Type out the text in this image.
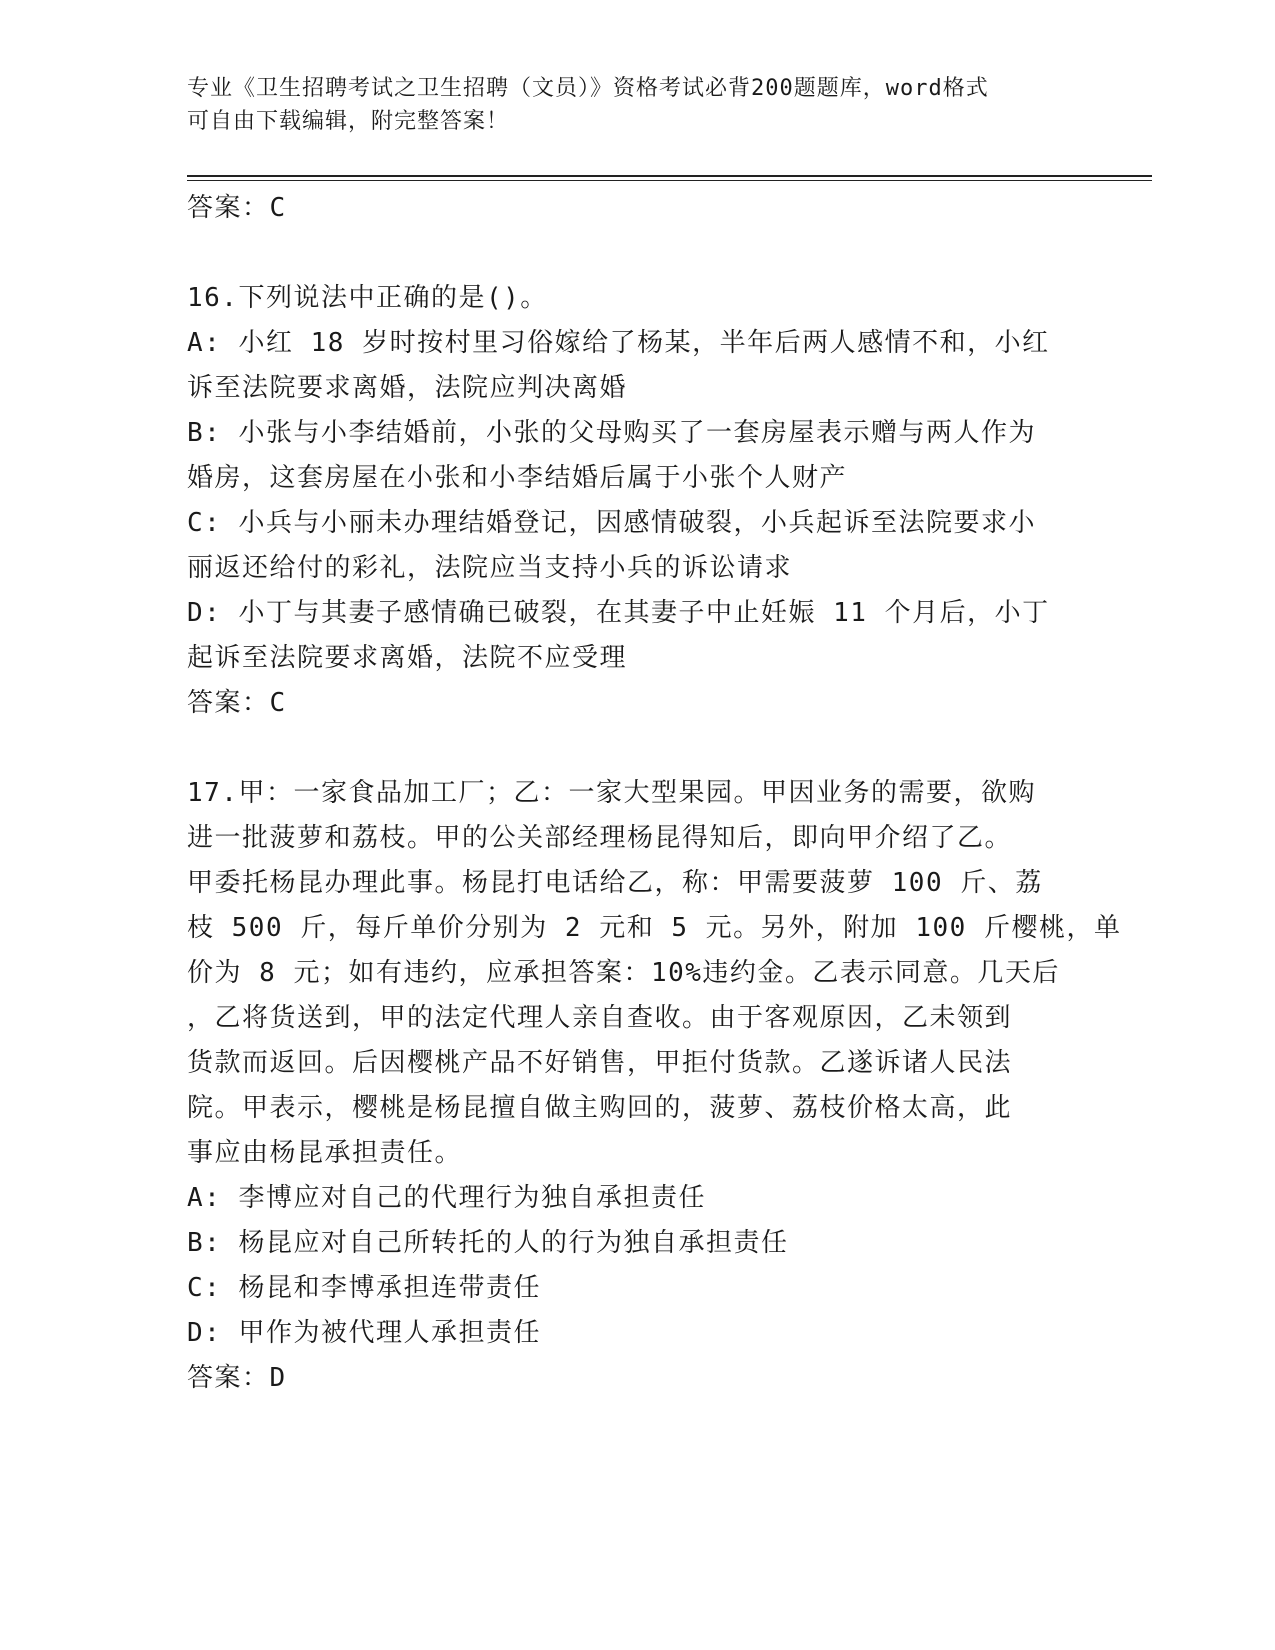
专业《卫生招聘考试之卫生招聘（文员）》资格考试必背200题题库，word格式
可自由下载编辑，附完整答案！
答案：C
16.下列说法中正确的是()。
A: 小红 18 岁时按村里习俗嫁给了杨某，半年后两人感情不和，小红
诉至法院要求离婚，法院应判决离婚
B: 小张与小李结婚前，小张的父母购买了一套房屋表示赠与两人作为
婚房，这套房屋在小张和小李结婚后属于小张个人财产
C: 小兵与小丽未办理结婚登记，因感情破裂，小兵起诉至法院要求小
丽返还给付的彩礼，法院应当支持小兵的诉讼请求
D: 小丁与其妻子感情确已破裂，在其妻子中止妊娠 11 个月后，小丁
起诉至法院要求离婚，法院不应受理
答案：C
17.甲：一家食品加工厂；乙：一家大型果园。甲因业务的需要，欲购
进一批菠萝和荔枝。甲的公关部经理杨昆得知后，即向甲介绍了乙。
甲委托杨昆办理此事。杨昆打电话给乙，称：甲需要菠萝 100 斤、荔
枝 500 斤，每斤单价分别为 2 元和 5 元。另外，附加 100 斤樱桃，单
价为 8 元；如有违约，应承担答案：10%违约金。乙表示同意。几天后
，乙将货送到，甲的法定代理人亲自查收。由于客观原因，乙未领到
货款而返回。后因樱桃产品不好销售，甲拒付货款。乙遂诉诸人民法
院。甲表示，樱桃是杨昆擅自做主购回的，菠萝、荔枝价格太高，此
事应由杨昆承担责任。
A: 李博应对自己的代理行为独自承担责任
B: 杨昆应对自己所转托的人的行为独自承担责任
C: 杨昆和李博承担连带责任
D: 甲作为被代理人承担责任
答案：D
